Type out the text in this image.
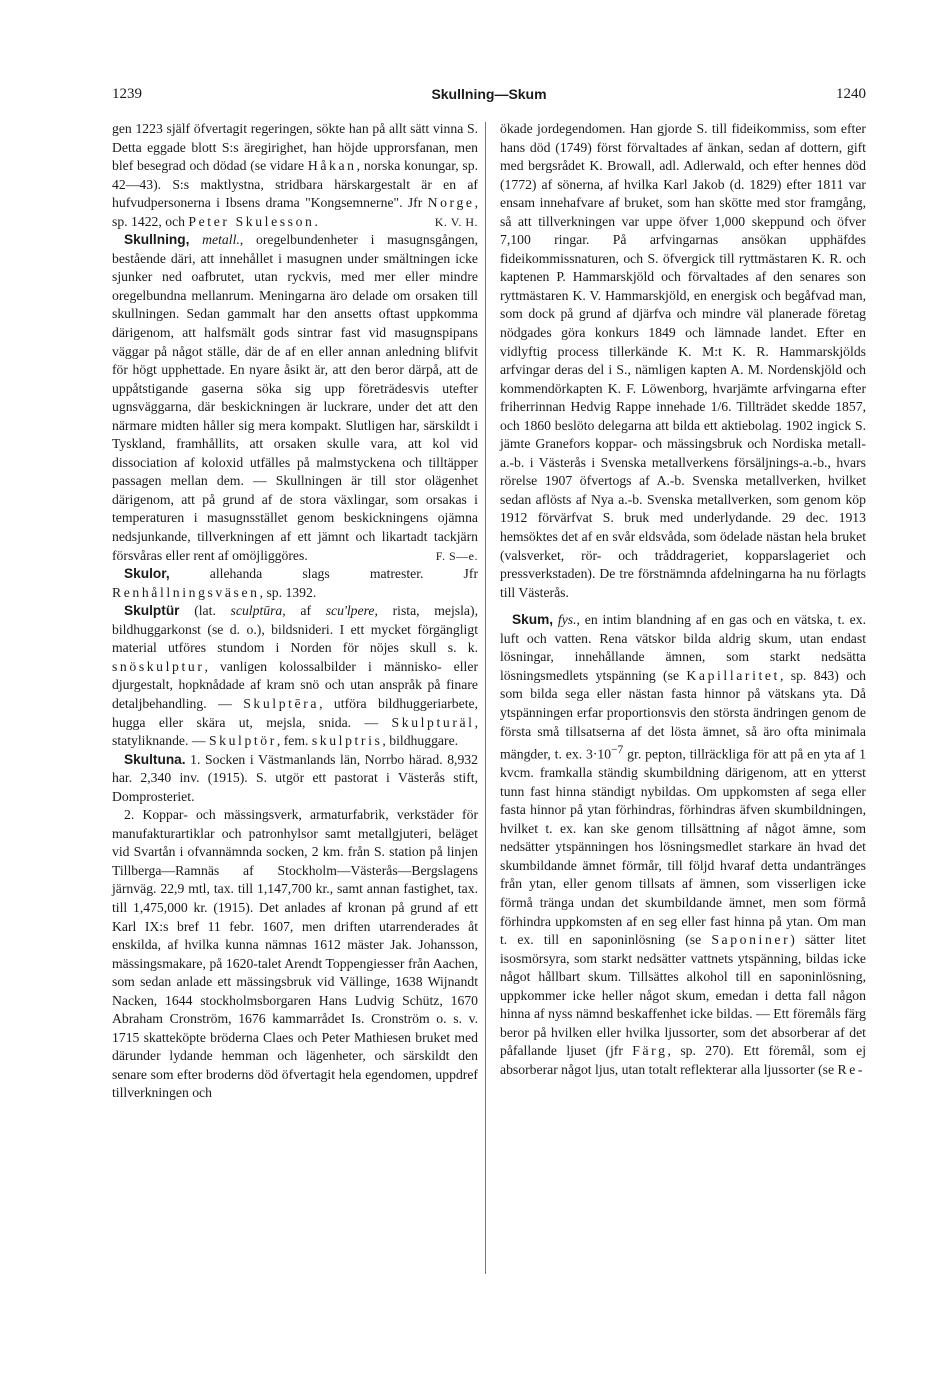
1239	Skullning—Skum	1240

gen 1223 själf öfvertagit regeringen, sökte han på allt sätt vinna S. Detta eggade blott S:s äregirighet, han höjde upprorsfanan, men blef besegrad och dödad (se vidare Håkan, norska konungar, sp. 42—43). S:s maktlystna, stridbara härskargestalt är en af hufvudpersonerna i Ibsens drama "Kongsemnerne". Jfr Norge, sp. 1422, och Peter Skulesson.	K. V. H.

Skullning, metall., oregelbundenheter i masugnsgången, bestående däri, att innehållet i masugnen under smältningen icke sjunker ned oafbrutet, utan ryckvis, med mer eller mindre oregelbundna mellanrum. Meningarna äro delade om orsaken till skullningen. Sedan gammalt har den ansetts oftast uppkomma därigenom, att halfsmält gods sintrar fast vid masugnspipans väggar på något ställe, där de af en eller annan anledning blifvit för högt upphettade. En nyare åsikt är, att den beror därpå, att de uppåtstigande gaserna söka sig upp företrädesvis utefter ugnsväggarna, där beskickningen är luckrare, under det att den närmare midten håller sig mera kompakt. Slutligen har, särskildt i Tyskland, framhållits, att orsaken skulle vara, att kol vid dissociation af koloxid utfälles på malmstyckena och tilltäpper passagen mellan dem. — Skullningen är till stor olägenhet därigenom, att på grund af de stora växlingar, som orsakas i temperaturen i masugnsstället genom beskickningens ojämna nedsjunkande, tillverkningen af ett jämnt och likartadt tackjärn försvåras eller rent af omöjliggöres.	F. S—e.

Skulor, allehanda slags matrester. Jfr Renhållningsväsen, sp. 1392.

Skulptür (lat. sculptūra, af scu'lpere, rista, mejsla), bildhuggarkonst (se d. o.), bildsnideri. I ett mycket förgängligt material utföres stundom i Norden för nöjes skull s. k. snöskulptur, vanligen kolossalbilder i människo- eller djurgestalt, hopknådade af kram snö och utan anspråk på finare detaljbehandling. — Skulptēra, utföra bildhuggeriarbete, hugga eller skära ut, mejsla, snida. — Skulpturäl, statyliknande. — Skulptör, fem. skulptris, bildhuggare.

Skultuna. 1. Socken i Västmanlands län, Norrbo härad. 8,932 har. 2,340 inv. (1915). S. utgör ett pastorat i Västerås stift, Domprosteriet.

2. Koppar- och mässingsverk, armaturfabrik, verkstäder för manufakturartiklar och patronhylsor samt metallgjuteri, beläget vid Svartån i ofvannämnda socken, 2 km. från S. station på linjen Tillberga—Ramnäs af Stockholm—Västerås—Bergslagens järnväg. 22,9 mtl, tax. till 1,147,700 kr., samt annan fastighet, tax. till 1,475,000 kr. (1915). Det anlades af kronan på grund af ett Karl IX:s bref 11 febr. 1607, men driften utarrenderades åt enskilda, af hvilka kunna nämnas 1612 mäster Jak. Johansson, mässingsmakare, på 1620-talet Arendt Toppengiesser från Aachen, som sedan anlade ett mässingsbruk vid Vällinge, 1638 Wijnandt Nacken, 1644 stockholmsborgaren Hans Ludvig Schütz, 1670 Abraham Cronström, 1676 kammarrådet Is. Cronström o. s. v. 1715 skatteköpte bröderna Claes och Peter Mathiesen bruket med därunder lydande hemman och lägenheter, och särskildt den senare som efter broderns död öfvertagit hela egendomen, uppdref tillverkningen och

ökade jordegendomen. Han gjorde S. till fideikommiss, som efter hans död (1749) först förvaltades af änkan, sedan af dottern, gift med bergsrådet K. Browall, adl. Adlerwald, och efter hennes död (1772) af sönerna, af hvilka Karl Jakob (d. 1829) efter 1811 var ensam innehafvare af bruket, som han skötte med stor framgång, så att tillverkningen var uppe öfver 1,000 skeppund och öfver 7,100 ringar. På arfvingarnas ansökan upphäfdes fideikommissnaturen, och S. öfvergick till ryttmästaren K. R. och kaptenen P. Hammarskjöld och förvaltades af den senares son ryttmästaren K. V. Hammarskjöld, en energisk och begåfvad man, som dock på grund af djärfva och mindre väl planerade företag nödgades göra konkurs 1849 och lämnade landet. Efter en vidlyftig process tillerkände K. M:t K. R. Hammarskjölds arfvingar deras del i S., nämligen kapten A. M. Nordenskjöld och kommendörkapten K. F. Löwenborg, hvarjämte arfvingarna efter friherrinnan Hedvig Rappe innehade 1/6. Tillträdet skedde 1857, och 1860 beslöto delegarna att bilda ett aktiebolag. 1902 ingick S. jämte Granefors koppar- och mässingsbruk och Nordiska metall-a.-b. i Västerås i Svenska metallverkens försäljnings-a.-b., hvars rörelse 1907 öfvertogs af A.-b. Svenska metallverken, hvilket sedan aflösts af Nya a.-b. Svenska metallverken, som genom köp 1912 förvärfvat S. bruk med underlydande. 29 dec. 1913 hemsöktes det af en svår eldsvåda, som ödelade nästan hela bruket (valsverket, rör- och tråddrageriet, kopparslageriet och pressverkstaden). De tre förstnämnda afdelningarna ha nu förlagts till Västerås.

Skum, fys., en intim blandning af en gas och en vätska, t. ex. luft och vatten. Rena vätskor bilda aldrig skum, utan endast lösningar, innehållande ämnen, som starkt nedsätta lösningsmedlets ytspänning (se Kapillaritet, sp. 843) och som bilda sega eller nästan fasta hinnor på vätskans yta. Då ytspänningen erfar proportionsvis den största ändringen genom de första små tillsatserna af det lösta ämnet, så äro ofta minimala mängder, t. ex. $3\cdot 10^{-7}$ gr. pepton, tillräckliga för att på en yta af 1 kvcm. framkalla ständig skumbildning därigenom, att en ytterst tunn fast hinna ständigt nybildas. Om uppkomsten af sega eller fasta hinnor på ytan förhindras, förhindras äfven skumbildningen, hvilket t. ex. kan ske genom tillsättning af något ämne, som nedsätter ytspänningen hos lösningsmedlet starkare än hvad det skumbildande ämnet förmår, till följd hvaraf detta undantränges från ytan, eller genom tillsats af ämnen, som visserligen icke förmå tränga undan det skumbildande ämnet, men som förmå förhindra uppkomsten af en seg eller fast hinna på ytan. Om man t. ex. till en saponinlösning (se Saponiner) sätter litet isosmörsyra, som starkt nedsätter vattnets ytspänning, bildas icke något hållbart skum. Tillsättes alkohol till en saponinlösning, uppkommer icke heller något skum, emedan i detta fall någon hinna af nyss nämnd beskaffenhet icke bildas. — Ett föremåls färg beror på hvilken eller hvilka ljussorter, som det absorberar af det påfallande ljuset (jfr Färg, sp. 270). Ett föremål, som ej absorberar något ljus, utan totalt reflekterar alla ljussorter (se Re-
